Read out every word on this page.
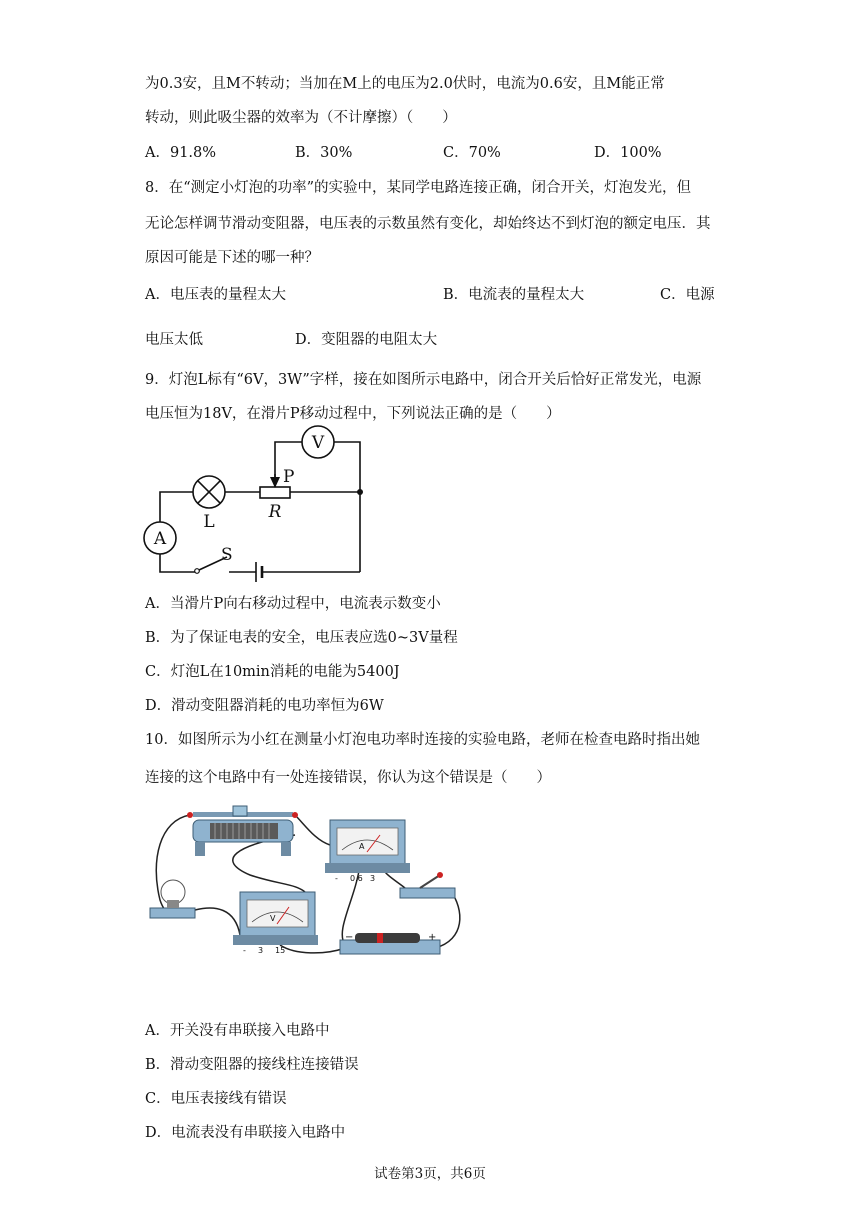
为0.3安，且M不转动；当加在M上的电压为2.0伏时，电流为0.6安，且M能正常
转动，则此吸尘器的效率为（不计摩擦）（　　）
A．91.8%	B．30%	C．70%	D．100%
8．在“测定小灯泡的功率”的实验中，某同学电路连接正确，闭合开关，灯泡发光，但
无论怎样调节滑动变阻器，电压表的示数虽然有变化，却始终达不到灯泡的额定电压．其
原因可能是下述的哪一种？
A．电压表的量程太大	B．电流表的量程太大	C．电源
电压太低	D．变阻器的电阻太大
9．灯泡L标有“6V，3W”字样，接在如图所示电路中，闭合开关后恰好正常发光，电源
电压恒为18V，在滑片P移动过程中，下列说法正确的是（　　）
V
A
L
P
R
S
A．当滑片P向右移动过程中，电流表示数变小
B．为了保证电表的安全，电压表应选0~3V量程
C．灯泡L在10min消耗的电能为5400J
D．滑动变阻器消耗的电功率恒为6W
10．如图所示为小红在测量小灯泡电功率时连接的实验电路，老师在检查电路时指出她
连接的这个电路中有一处连接错误，你认为这个错误是（　　）
A
- 0.6 3
V
- 3 15
−	+
A．开关没有串联接入电路中
B．滑动变阻器的接线柱连接错误
C．电压表接线有错误
D．电流表没有串联接入电路中
试卷第3页，共6页
